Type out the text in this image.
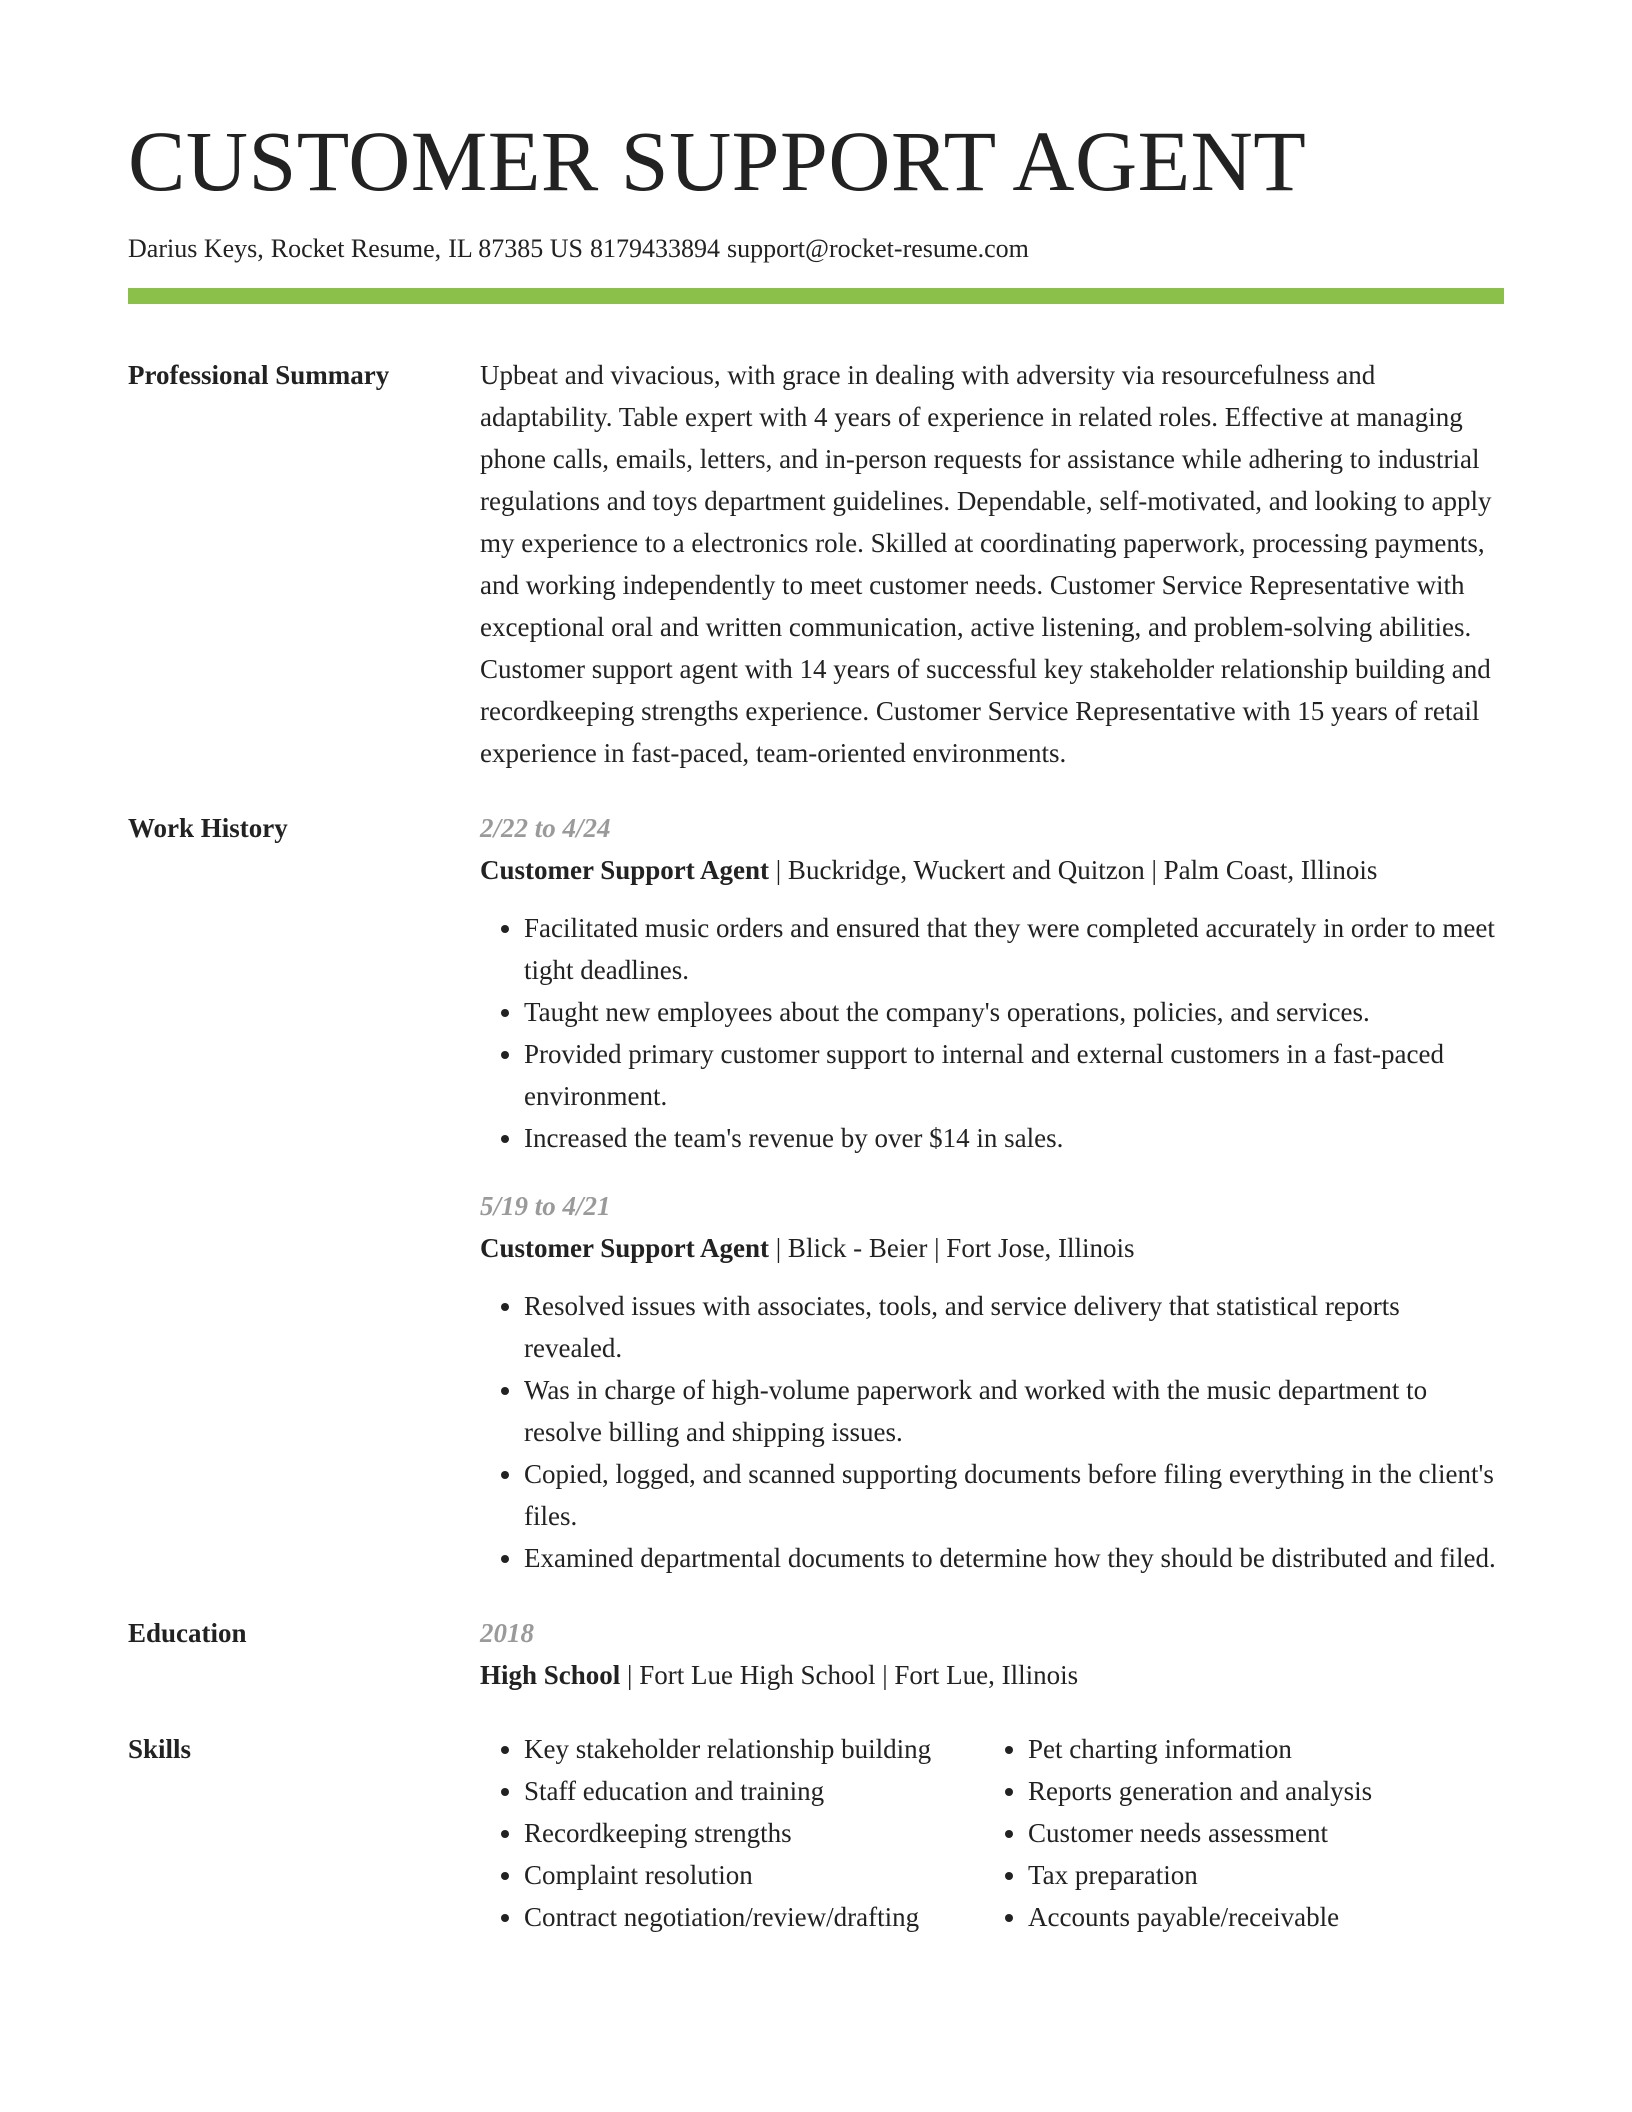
CUSTOMER SUPPORT AGENT
Darius Keys, Rocket Resume, IL 87385 US 8179433894 support@rocket-resume.com
Professional Summary	Upbeat and vivacious, with grace in dealing with adversity via resourcefulness and adaptability. Table expert with 4 years of experience in related roles. Effective at managing phone calls, emails, letters, and in-person requests for assistance while adhering to industrial regulations and toys department guidelines. Dependable, self-motivated, and looking to apply my experience to a electronics role. Skilled at coordinating paperwork, processing payments, and working independently to meet customer needs. Customer Service Representative with exceptional oral and written communication, active listening, and problem-solving abilities. Customer support agent with 14 years of successful key stakeholder relationship building and recordkeeping strengths experience. Customer Service Representative with 15 years of retail experience in fast-paced, team-oriented environments.
Work History	2/22 to 4/24
Customer Support Agent | Buckridge, Wuckert and Quitzon | Palm Coast, Illinois
• Facilitated music orders and ensured that they were completed accurately in order to meet tight deadlines.
• Taught new employees about the company's operations, policies, and services.
• Provided primary customer support to internal and external customers in a fast-paced environment.
• Increased the team's revenue by over $14 in sales.
5/19 to 4/21
Customer Support Agent | Blick - Beier | Fort Jose, Illinois
• Resolved issues with associates, tools, and service delivery that statistical reports revealed.
• Was in charge of high-volume paperwork and worked with the music department to resolve billing and shipping issues.
• Copied, logged, and scanned supporting documents before filing everything in the client's files.
• Examined departmental documents to determine how they should be distributed and filed.
Education	2018
High School | Fort Lue High School | Fort Lue, Illinois
Skills
•	Key stakeholder relationship building
• Staff education and training
• Recordkeeping strengths
• Complaint resolution
• Contract negotiation/review/drafting
• Pet charting information
• Reports generation and analysis
• Customer needs assessment
• Tax preparation
• Accounts payable/receivable
